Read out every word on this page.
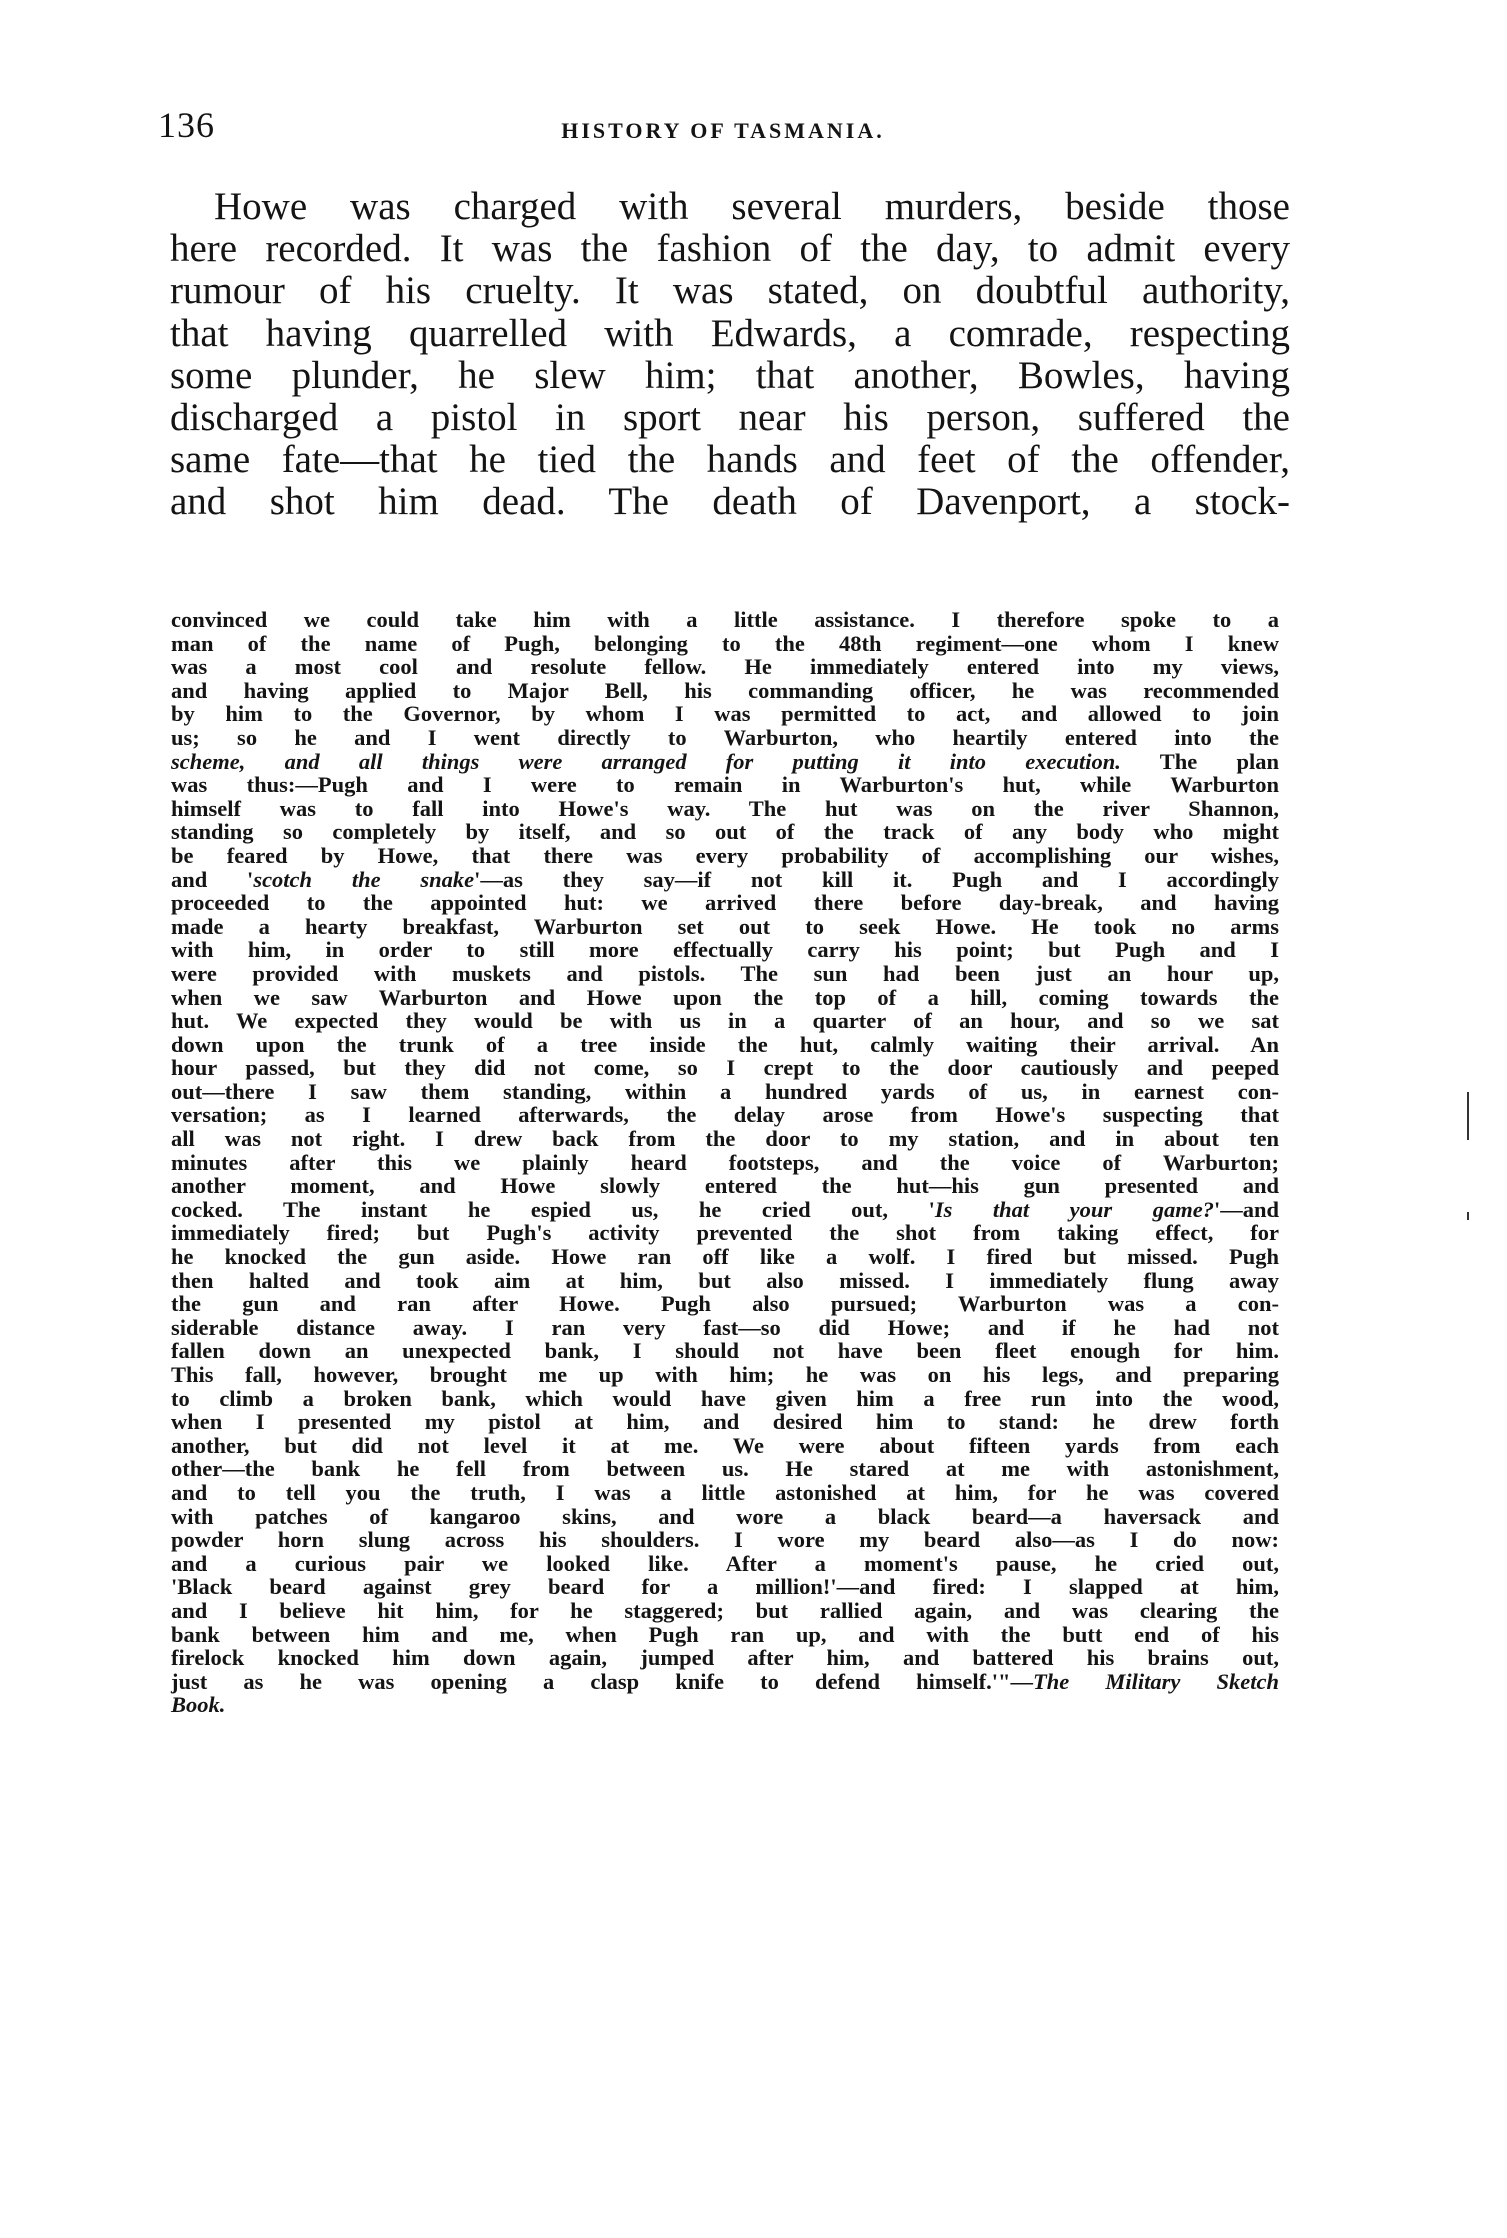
136	HISTORY OF TASMANIA.
Howe was charged with several murders, beside those
here recorded. It was the fashion of the day, to admit every
rumour of his cruelty. It was stated, on doubtful authority,
that having quarrelled with Edwards, a comrade, respecting
some plunder, he slew him; that another, Bowles, having
discharged a pistol in sport near his person, suffered the
same fate—that he tied the hands and feet of the offender,
and shot him dead. The death of Davenport, a stock-
convinced we could take him with a little assistance. I therefore spoke to a
man of the name of Pugh, belonging to the 48th regiment—one whom I knew
was a most cool and resolute fellow. He immediately entered into my views,
and having applied to Major Bell, his commanding officer, he was recommended
by him to the Governor, by whom I was permitted to act, and allowed to join
us; so he and I went directly to Warburton, who heartily entered into the
scheme, and all things were arranged for putting it into execution. The plan
was thus:—Pugh and I were to remain in Warburton's hut, while Warburton
himself was to fall into Howe's way. The hut was on the river Shannon,
standing so completely by itself, and so out of the track of any body who might
be feared by Howe, that there was every probability of accomplishing our wishes,
and 'scotch the snake'—as they say—if not kill it. Pugh and I accordingly
proceeded to the appointed hut: we arrived there before day-break, and having
made a hearty breakfast, Warburton set out to seek Howe. He took no arms
with him, in order to still more effectually carry his point; but Pugh and I
were provided with muskets and pistols. The sun had been just an hour up,
when we saw Warburton and Howe upon the top of a hill, coming towards the
hut. We expected they would be with us in a quarter of an hour, and so we sat
down upon the trunk of a tree inside the hut, calmly waiting their arrival. An
hour passed, but they did not come, so I crept to the door cautiously and peeped
out—there I saw them standing, within a hundred yards of us, in earnest con-
versation; as I learned afterwards, the delay arose from Howe's suspecting that
all was not right. I drew back from the door to my station, and in about ten
minutes after this we plainly heard footsteps, and the voice of Warburton;
another moment, and Howe slowly entered the hut—his gun presented and
cocked. The instant he espied us, he cried out, 'Is that your game?'—and
immediately fired; but Pugh's activity prevented the shot from taking effect, for
he knocked the gun aside. Howe ran off like a wolf. I fired but missed. Pugh
then halted and took aim at him, but also missed. I immediately flung away
the gun and ran after Howe. Pugh also pursued; Warburton was a con-
siderable distance away. I ran very fast—so did Howe; and if he had not
fallen down an unexpected bank, I should not have been fleet enough for him.
This fall, however, brought me up with him; he was on his legs, and preparing
to climb a broken bank, which would have given him a free run into the wood,
when I presented my pistol at him, and desired him to stand: he drew forth
another, but did not level it at me. We were about fifteen yards from each
other—the bank he fell from between us. He stared at me with astonishment,
and to tell you the truth, I was a little astonished at him, for he was covered
with patches of kangaroo skins, and wore a black beard—a haversack and
powder horn slung across his shoulders. I wore my beard also—as I do now:
and a curious pair we looked like. After a moment's pause, he cried out,
'Black beard against grey beard for a million!'—and fired: I slapped at him,
and I believe hit him, for he staggered; but rallied again, and was clearing the
bank between him and me, when Pugh ran up, and with the butt end of his
firelock knocked him down again, jumped after him, and battered his brains out,
just as he was opening a clasp knife to defend himself.'"—The Military Sketch
Book.
